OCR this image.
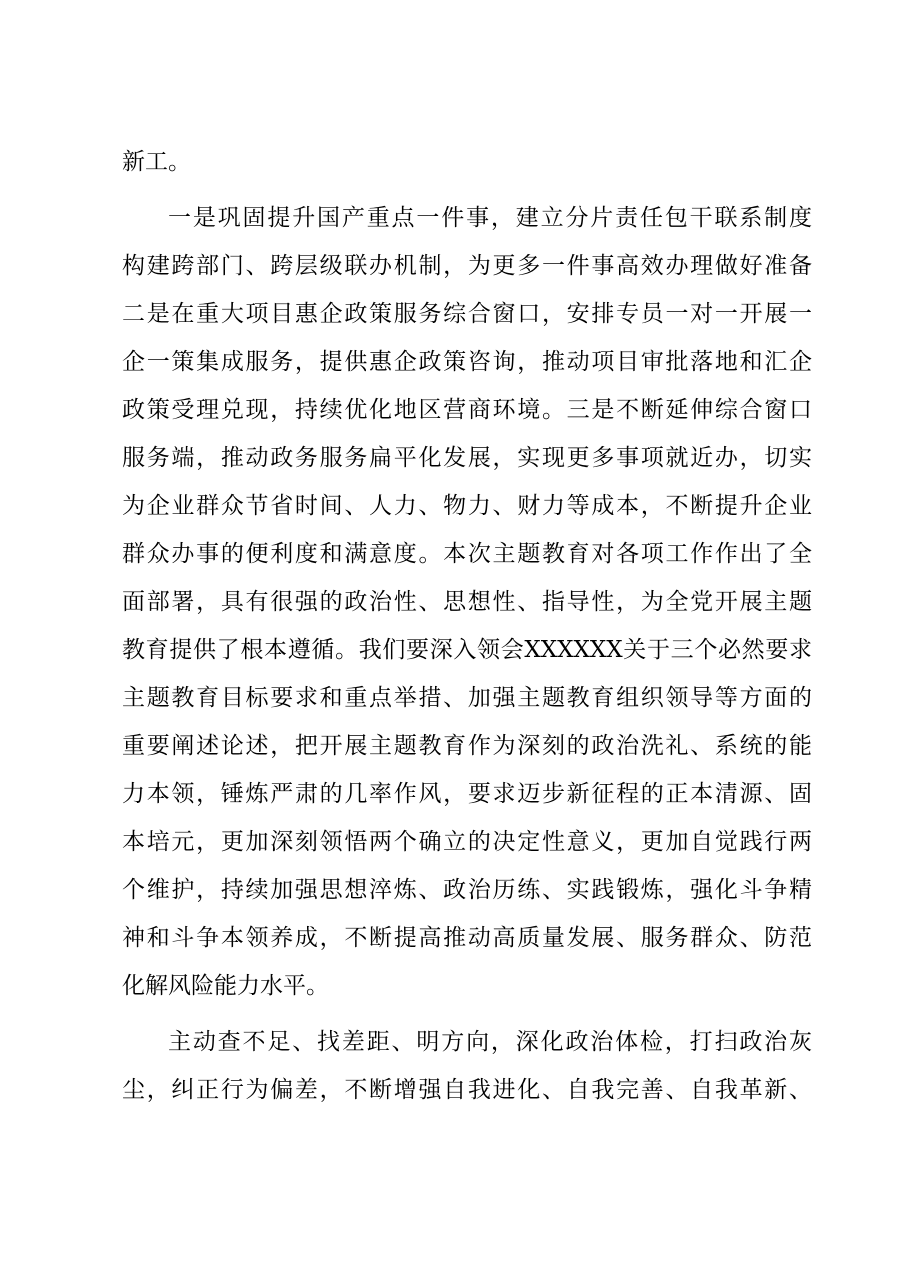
新工。
一是巩固提升国产重点一件事，建立分片责任包干联系制度
构建跨部门、跨层级联办机制，为更多一件事高效办理做好准备
二是在重大项目惠企政策服务综合窗口，安排专员一对一开展一
企一策集成服务，提供惠企政策咨询，推动项目审批落地和汇企
政策受理兑现，持续优化地区营商环境。三是不断延伸综合窗口
服务端，推动政务服务扁平化发展，实现更多事项就近办，切实
为企业群众节省时间、人力、物力、财力等成本，不断提升企业
群众办事的便利度和满意度。本次主题教育对各项工作作出了全
面部署，具有很强的政治性、思想性、指导性，为全党开展主题
教育提供了根本遵循。我们要深入领会XXXXXX关于三个必然要求
主题教育目标要求和重点举措、加强主题教育组织领导等方面的
重要阐述论述，把开展主题教育作为深刻的政治洗礼、系统的能
力本领，锤炼严肃的几率作风，要求迈步新征程的正本清源、固
本培元，更加深刻领悟两个确立的决定性意义，更加自觉践行两
个维护，持续加强思想淬炼、政治历练、实践锻炼，强化斗争精
神和斗争本领养成，不断提高推动高质量发展、服务群众、防范
化解风险能力水平。
主动查不足、找差距、明方向，深化政治体检，打扫政治灰
尘，纠正行为偏差，不断增强自我进化、自我完善、自我革新、
